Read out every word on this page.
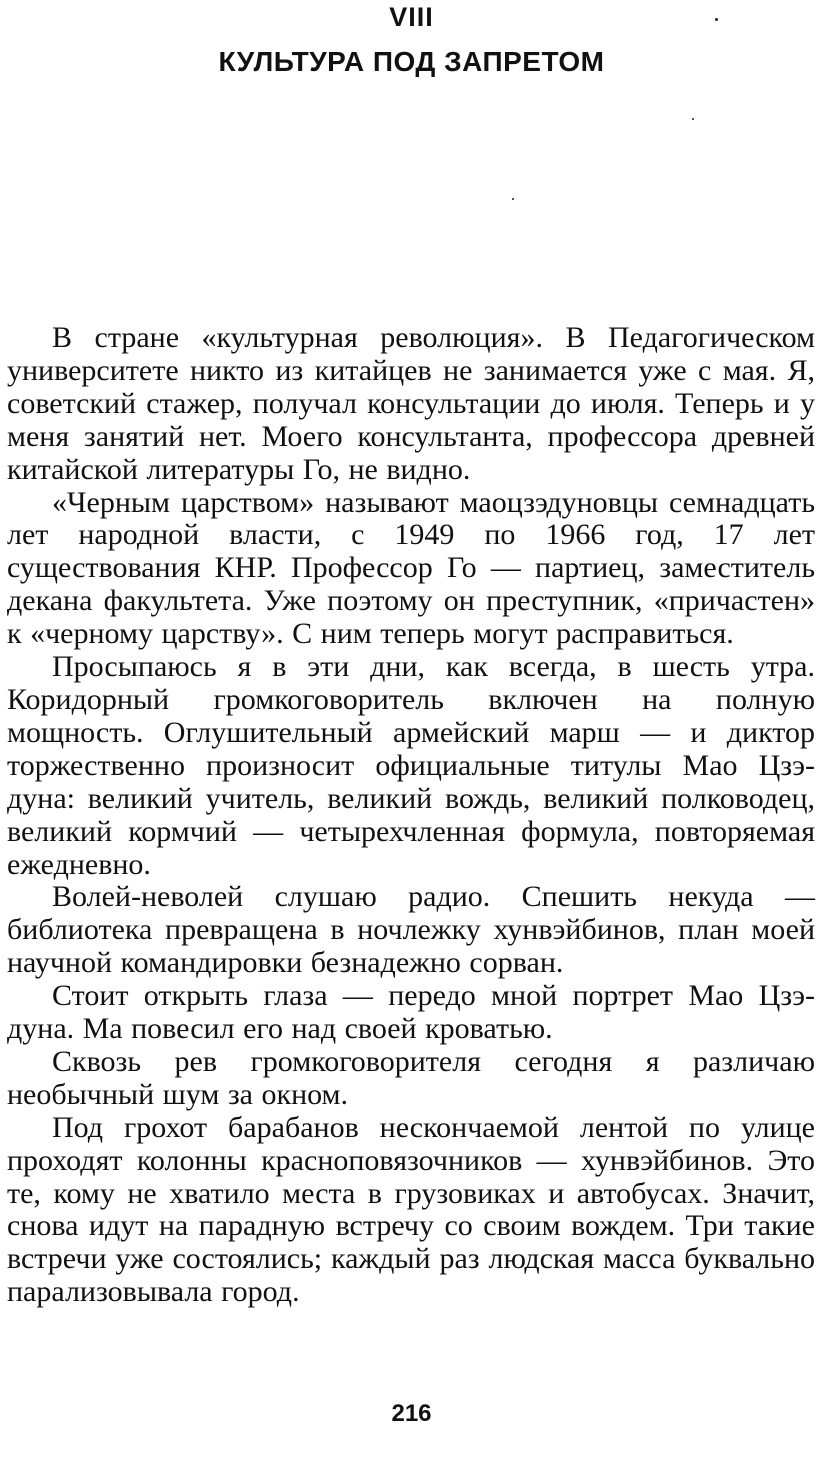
VIII
КУЛЬТУРА ПОД ЗАПРЕТОМ

В стране «культурная революция». В Педагогическом университете никто из китайцев не занимается уже с мая. Я, советский стажер, получал консультации до июля. Теперь и у меня занятий нет. Моего консультанта, профессора древней китайской литературы Го, не видно.

«Черным царством» называют маоцзэдуновцы семнадцать лет народной власти, с 1949 по 1966 год, 17 лет существования КНР. Профессор Го — партиец, заместитель декана факультета. Уже поэтому он преступник, «причастен» к «черному царству». С ним теперь могут расправиться.

Просыпаюсь я в эти дни, как всегда, в шесть утра. Коридорный громкоговоритель включен на полную мощность. Оглушительный армейский марш — и диктор торжественно произносит официальные титулы Мао Цзэ-дуна: великий учитель, великий вождь, великий полководец, великий кормчий — четырехчленная формула, повторяемая ежедневно.

Волей-неволей слушаю радио. Спешить некуда — библиотека превращена в ночлежку хунвэйбинов, план моей научной командировки безнадежно сорван.

Стоит открыть глаза — передо мной портрет Мао Цзэ-дуна. Ма повесил его над своей кроватью.

Сквозь рев громкоговорителя сегодня я различаю необычный шум за окном.

Под грохот барабанов нескончаемой лентой по улице проходят колонны красноповязочников — хунвэйбинов. Это те, кому не хватило места в грузовиках и автобусах. Значит, снова идут на парадную встречу со своим вождем. Три такие встречи уже состоялись; каждый раз людская масса буквально парализовывала город.

216
